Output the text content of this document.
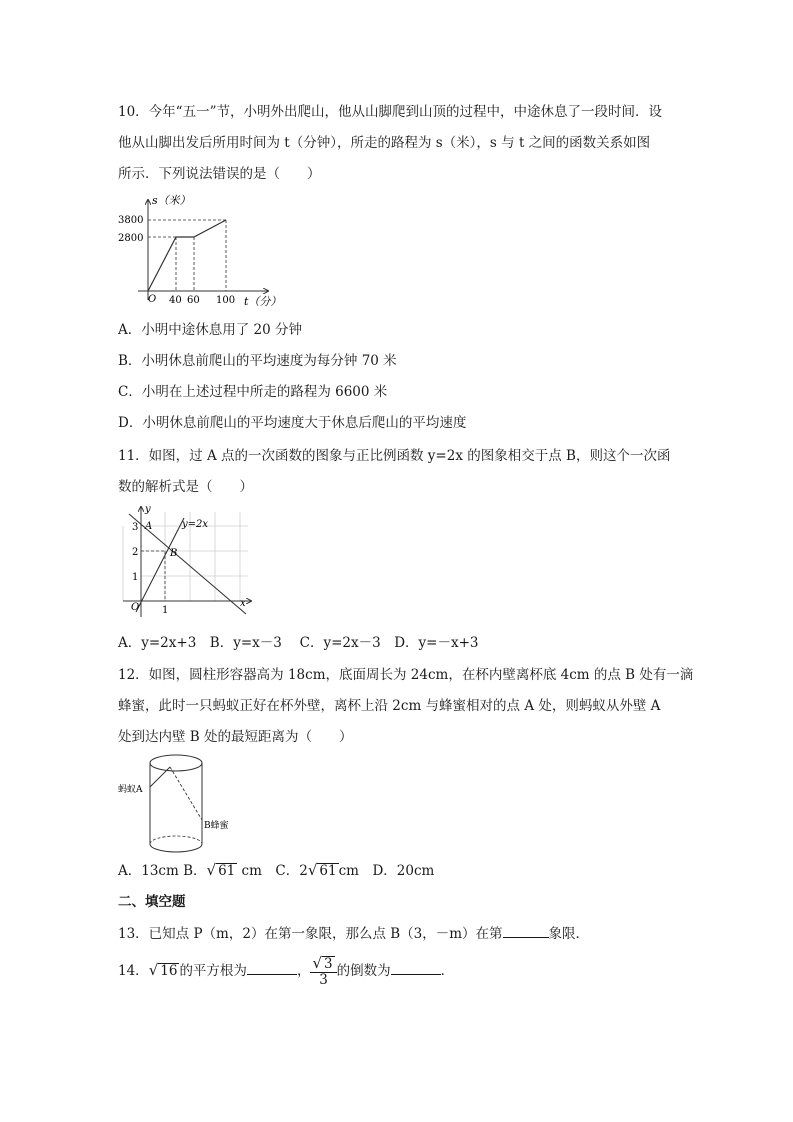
10．今年“五一”节，小明外出爬山，他从山脚爬到山顶的过程中，中途休息了一段时间．设
他从山脚出发后所用时间为 t（分钟），所走的路程为 s（米），s 与 t 之间的函数关系如图
所示．下列说法错误的是（　　）
s（米）
3800
2800
O 40 60 100 t（分）
A．小明中途休息用了 20 分钟
B．小明休息前爬山的平均速度为每分钟 70 米
C．小明在上述过程中所走的路程为 6600 米
D．小明休息前爬山的平均速度大于休息后爬山的平均速度
11．如图，过 A 点的一次函数的图象与正比例函数 y=2x 的图象相交于点 B，则这个一次函
数的解析式是（　　）
y
A	y=2x
3
2
1
B
O 1
x
A．y=2x+3　B．y=x－3　 C．y=2x－3　D．y=－x+3
12．如图，圆柱形容器高为 18cm，底面周长为 24cm，在杯内壁离杯底 4cm 的点 B 处有一滴
蜂蜜，此时一只蚂蚁正好在杯外壁，离杯上沿 2cm 与蜂蜜相对的点 A 处，则蚂蚁从外壁 A
处到达内壁 B 处的最短距离为（　　）
蚂蚁A
B蜂蜜
A．13cm B．√ 61 cm　C．2√ 61 cm　D．20cm
二、填空题
13．已知点 P（m，2）在第一象限，那么点 B（3，－m）在第	象限．
14．√ 16 的平方根为	， $\frac{√ 3}{3}$ 的倒数为	．
